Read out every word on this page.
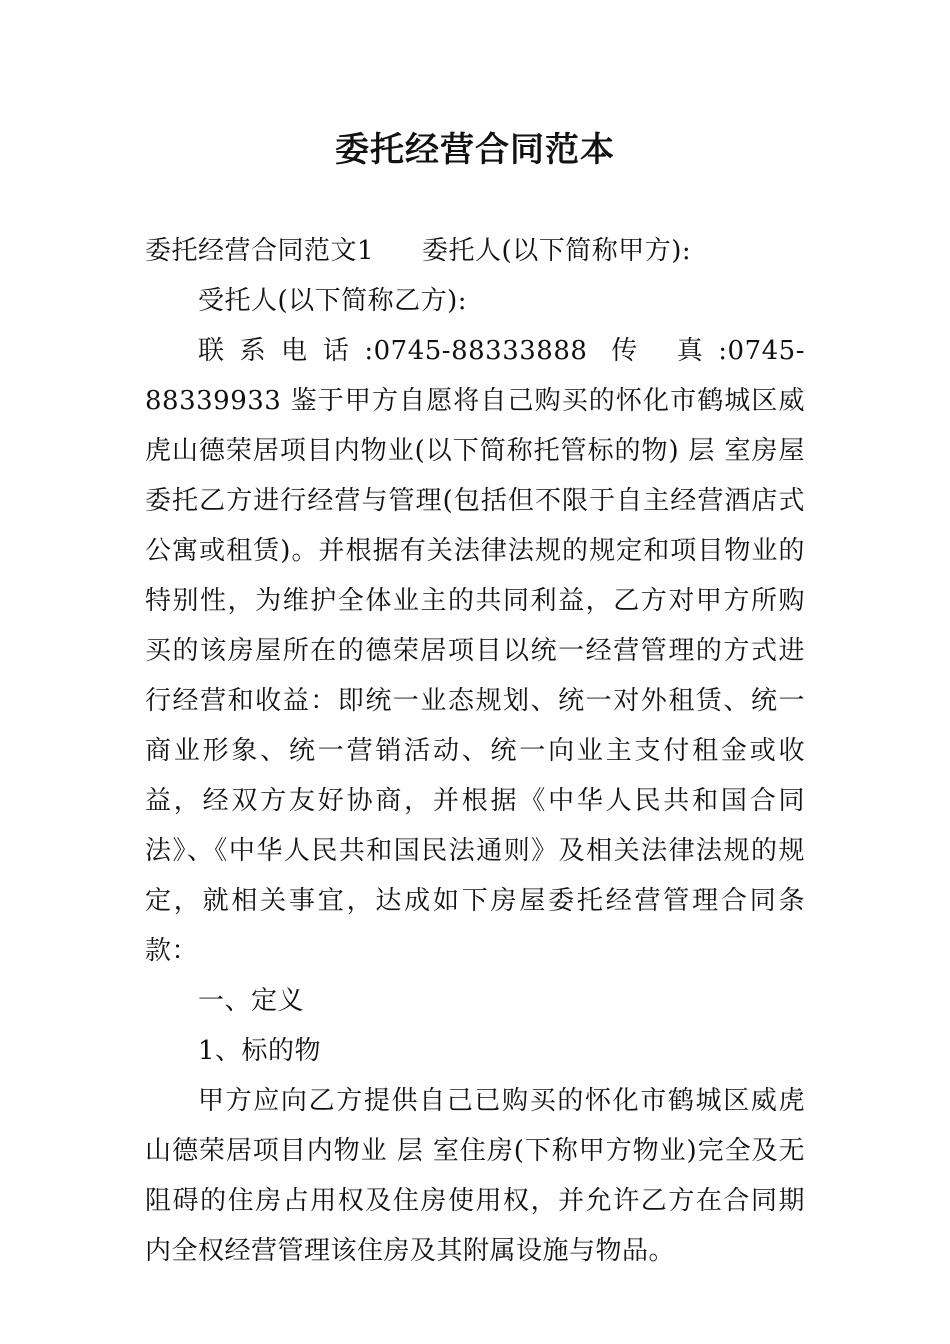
委托经营合同范本

委托经营合同范文1 委托人(以下简称甲方):

受托人(以下简称乙方):

联系电话:0745-88333888 传 真:0745-88339933 鉴于甲方自愿将自己购买的怀化市鹤城区威虎山德荣居项目内物业(以下简称托管标的物) 层 室房屋委托乙方进行经营与管理(包括但不限于自主经营酒店式公寓或租赁)。并根据有关法律法规的规定和项目物业的特别性，为维护全体业主的共同利益，乙方对甲方所购买的该房屋所在的德荣居项目以统一经营管理的方式进行经营和收益：即统一业态规划、统一对外租赁、统一商业形象、统一营销活动、统一向业主支付租金或收益，经双方友好协商，并根据《中华人民共和国合同法》、《中华人民共和国民法通则》及相关法律法规的规定，就相关事宜，达成如下房屋委托经营管理合同条款：

一、定义

1、标的物

甲方应向乙方提供自己已购买的怀化市鹤城区威虎山德荣居项目内物业 层 室住房(下称甲方物业)完全及无阻碍的住房占用权及住房使用权，并允许乙方在合同期内全权经营管理该住房及其附属设施与物品。
